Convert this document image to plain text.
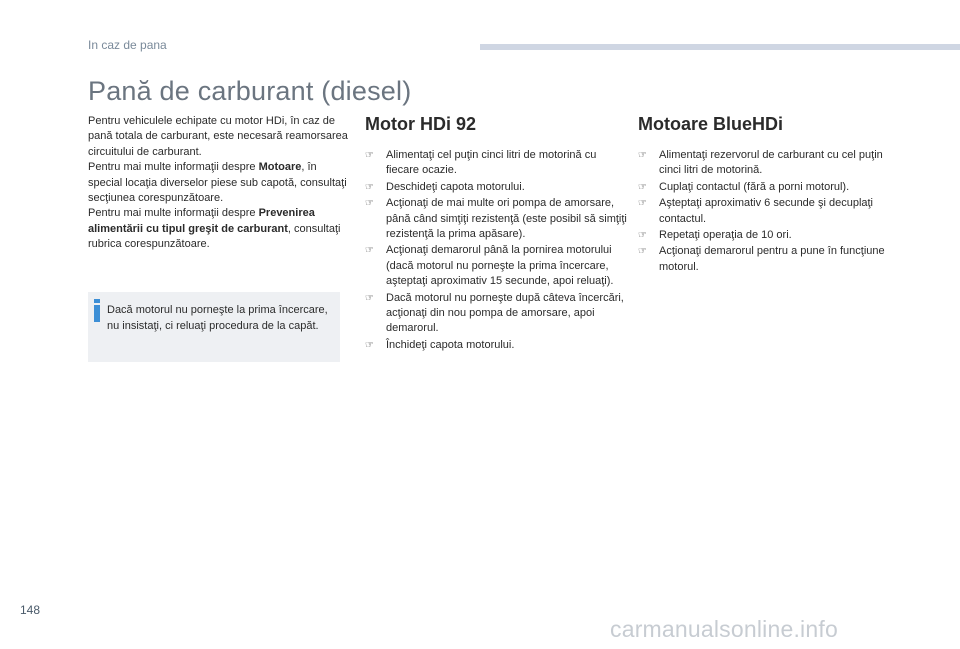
In caz de pana
Pană de carburant (diesel)

Pentru vehiculele echipate cu motor HDi, în caz de pană totala de carburant, este necesară reamorsarea circuitului de carburant.

Pentru mai multe informaţii despre Motoare, în special locaţia diverselor piese sub capotă, consultaţi secţiunea corespunzătoare.

Pentru mai multe informaţii despre Prevenirea alimentării cu tipul greşit de carburant, consultaţi rubrica corespunzătoare.

Dacă motorul nu porneşte la prima încercare, nu insistaţi, ci reluaţi procedura de la capăt.
Motor HDi 92
☞ Alimentaţi cel puţin cinci litri de motorină cu fiecare ocazie.
☞ Deschideţi capota motorului.
☞ Acţionaţi de mai multe ori pompa de amorsare, până când simţiţi rezistenţă (este posibil să simţiţi rezistenţă la prima apăsare).
☞ Acţionaţi demarorul până la pornirea motorului (dacă motorul nu porneşte la prima încercare, aşteptaţi aproximativ 15 secunde, apoi reluaţi).
☞ Dacă motorul nu porneşte după câteva încercări, acţionaţi din nou pompa de amorsare, apoi demarorul.
☞ Închideţi capota motorului.
Motoare BlueHDi
☞ Alimentaţi rezervorul de carburant cu cel puţin cinci litri de motorină.
☞ Cuplaţi contactul (fără a porni motorul).
☞ Aşteptaţi aproximativ 6 secunde şi decuplaţi contactul.
☞ Repetaţi operaţia de 10 ori.
☞ Acţionaţi demarorul pentru a pune în funcţiune motorul.
148
carmanualsonline.info
